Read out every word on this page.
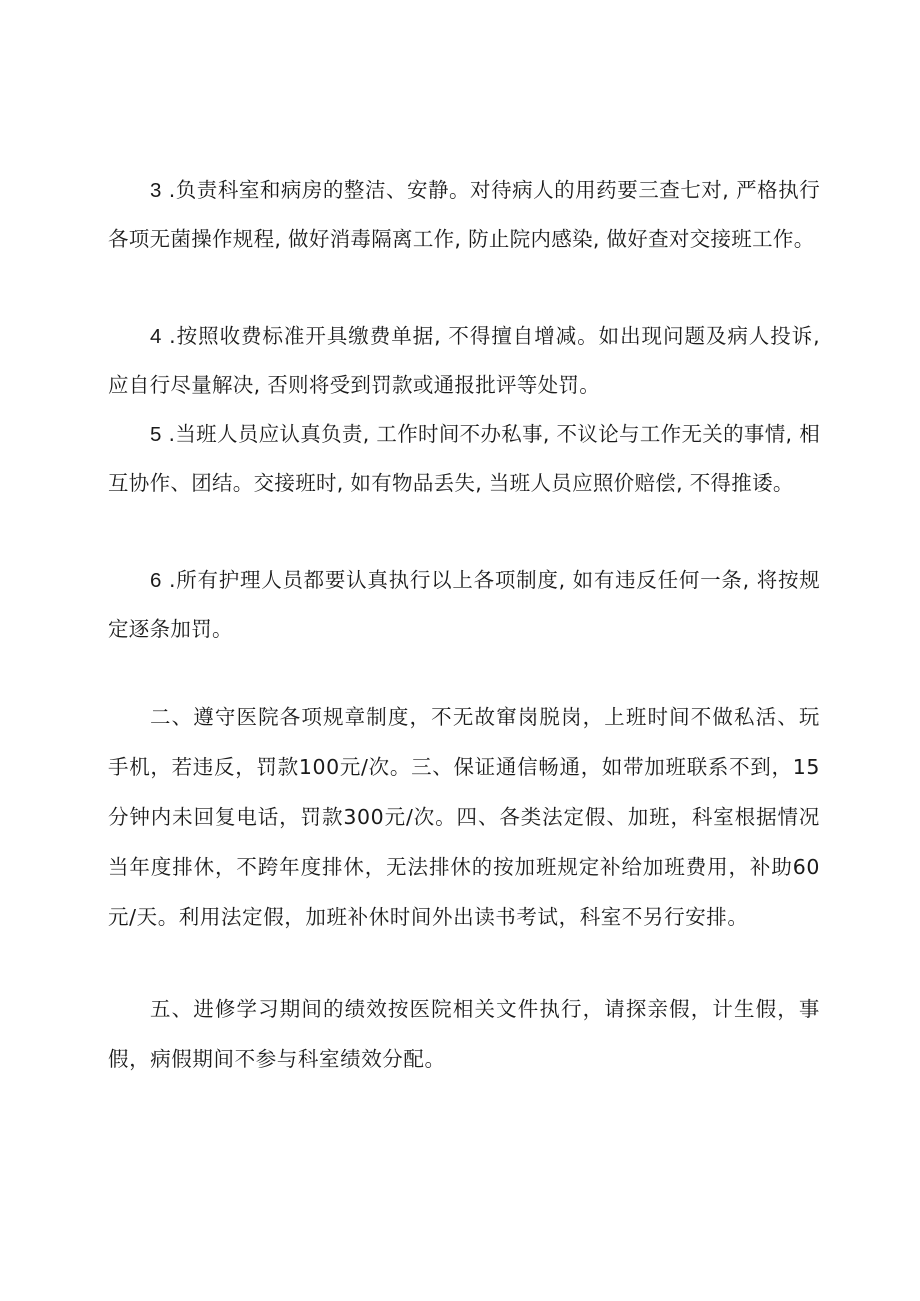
3 .负责科室和病房的整洁、安静。对待病人的用药要三查七对, 严格执行各项无菌操作规程, 做好消毒隔离工作, 防止院内感染, 做好查对交接班工作。

4 .按照收费标准开具缴费单据, 不得擅自增减。如出现问题及病人投诉, 应自行尽量解决, 否则将受到罚款或通报批评等处罚。

5 .当班人员应认真负责, 工作时间不办私事, 不议论与工作无关的事情, 相互协作、团结。交接班时, 如有物品丢失, 当班人员应照价赔偿, 不得推诿。

6 .所有护理人员都要认真执行以上各项制度, 如有违反任何一条, 将按规定逐条加罚。

二、遵守医院各项规章制度，不无故窜岗脱岗，上班时间不做私活、玩手机，若违反，罚款100元/次。三、保证通信畅通，如带加班联系不到，15分钟内未回复电话，罚款300元/次。四、各类法定假、加班，科室根据情况当年度排休，不跨年度排休，无法排休的按加班规定补给加班费用，补助60元/天。利用法定假，加班补休时间外出读书考试，科室不另行安排。

五、进修学习期间的绩效按医院相关文件执行，请探亲假，计生假，事假，病假期间不参与科室绩效分配。
